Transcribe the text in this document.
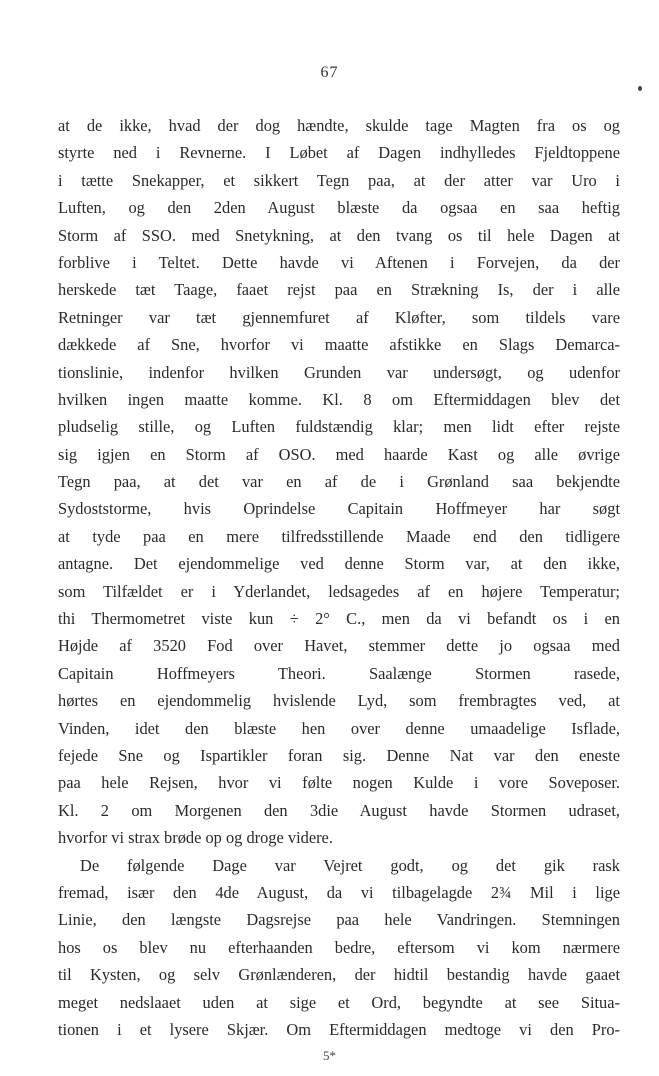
67
at de ikke, hvad der dog hændte, skulde tage Magten fra os og
styrte ned i Revnerne. I Løbet af Dagen indhylledes Fjeldtoppene
i tætte Snekapper, et sikkert Tegn paa, at der atter var Uro i
Luften, og den 2den August blæste da ogsaa en saa heftig
Storm af SSO. med Snetykning, at den tvang os til hele Dagen at
forblive i Teltet. Dette havde vi Aftenen i Forvejen, da der
herskede tæt Taage, faaet rejst paa en Strækning Is, der i alle
Retninger var tæt gjennemfuret af Kløfter, som tildels vare
dækkede af Sne, hvorfor vi maatte afstikke en Slags Demarca-
tionslinie, indenfor hvilken Grunden var undersøgt, og udenfor
hvilken ingen maatte komme. Kl. 8 om Eftermiddagen blev det
pludselig stille, og Luften fuldstændig klar; men lidt efter rejste
sig igjen en Storm af OSO. med haarde Kast og alle øvrige
Tegn paa, at det var en af de i Grønland saa bekjendte
Sydoststorme, hvis Oprindelse Capitain Hoffmeyer har søgt
at tyde paa en mere tilfredsstillende Maade end den tidligere
antagne. Det ejendommelige ved denne Storm var, at den ikke,
som Tilfældet er i Yderlandet, ledsagedes af en højere Temperatur;
thi Thermometret viste kun ÷ 2° C., men da vi befandt os i en
Højde af 3520 Fod over Havet, stemmer dette jo ogsaa med
Capitain Hoffmeyers Theori. Saalænge Stormen rasede,
hørtes en ejendommelig hvislende Lyd, som frembragtes ved, at
Vinden, idet den blæste hen over denne umaadelige Isflade,
fejede Sne og Ispartikler foran sig. Denne Nat var den eneste
paa hele Rejsen, hvor vi følte nogen Kulde i vore Soveposer.
Kl. 2 om Morgenen den 3die August havde Stormen udraset,
hvorfor vi strax brøde op og droge videre.
De følgende Dage var Vejret godt, og det gik rask
fremad, især den 4de August, da vi tilbagelagde 2¾ Mil i lige
Linie, den længste Dagsrejse paa hele Vandringen. Stemningen
hos os blev nu efterhaanden bedre, eftersom vi kom nærmere
til Kysten, og selv Grønlænderen, der hidtil bestandig havde gaaet
meget nedslaaet uden at sige et Ord, begyndte at see Situa-
tionen i et lysere Skjær. Om Eftermiddagen medtoge vi den Pro-
5*
